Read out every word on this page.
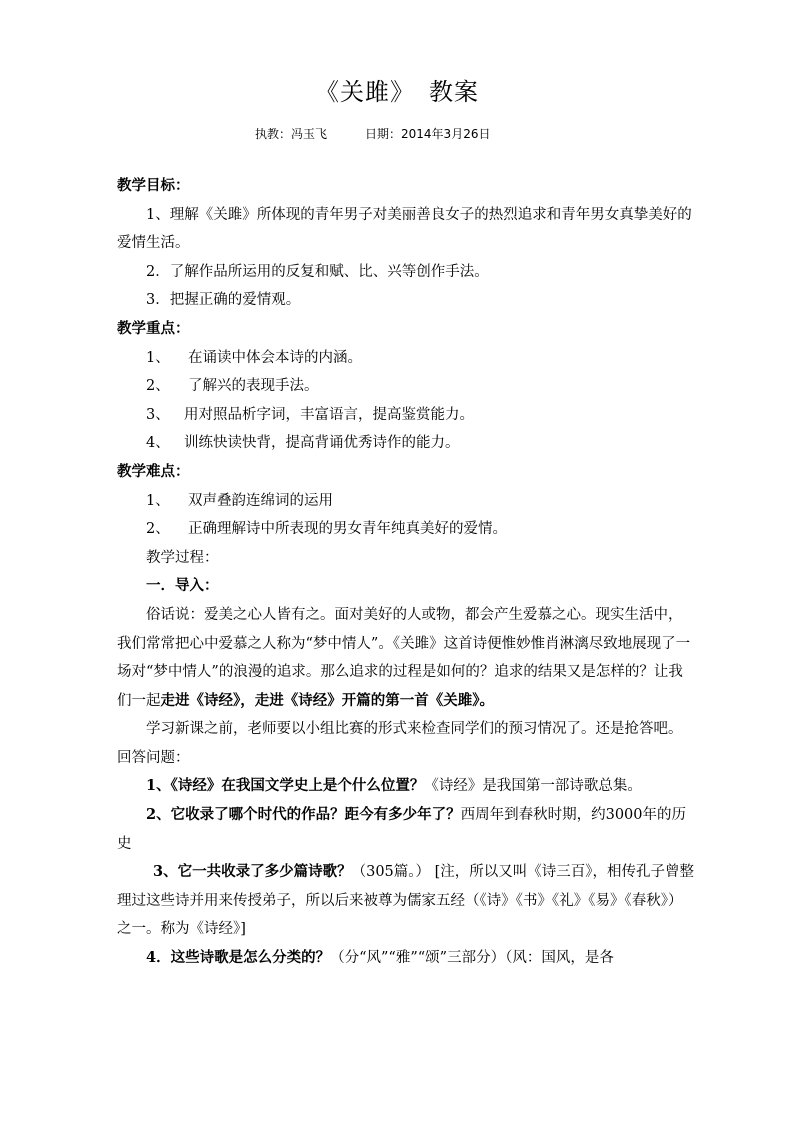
《关雎》 教案
执教：冯玉飞	日期：2014年3月26日

教学目标：

1、理解《关雎》所体现的青年男子对美丽善良女子的热烈追求和青年男女真挚美好的爱情生活。

2．了解作品所运用的反复和赋、比、兴等创作手法。

3．把握正确的爱情观。

教学重点：

1、 在诵读中体会本诗的内涵。

2、 了解兴的表现手法。

3、 用对照品析字词，丰富语言，提高鉴赏能力。

4、 训练快读快背，提高背诵优秀诗作的能力。

教学难点：

1、 双声叠韵连绵词的运用

2、 正确理解诗中所表现的男女青年纯真美好的爱情。

教学过程：

一．导入：

俗话说：爱美之心人皆有之。面对美好的人或物，都会产生爱慕之心。现实生活中，我们常常把心中爱慕之人称为“梦中情人”。《关雎》这首诗便惟妙惟肖淋漓尽致地展现了一场对“梦中情人”的浪漫的追求。那么追求的过程是如何的？追求的结果又是怎样的？让我们一起走进《诗经》，走进《诗经》开篇的第一首《关雎》。

学习新课之前，老师要以小组比赛的形式来检查同学们的预习情况了。还是抢答吧。回答问题：

1、《诗经》在我国文学史上是个什么位置？《诗经》是我国第一部诗歌总集。

2、它收录了哪个时代的作品？距今有多少年了？西周年到春秋时期，约3000年的历史

3、它一共收录了多少篇诗歌？（305篇。） [注，所以又叫《诗三百》，相传孔子曾整理过这些诗并用来传授弟子，所以后来被尊为儒家五经（《诗》《书》《礼》《易》《春秋》）之一。称为《诗经》]

4．这些诗歌是怎么分类的？（分“风”“雅”“颂”三部分）（风：国风，是各
